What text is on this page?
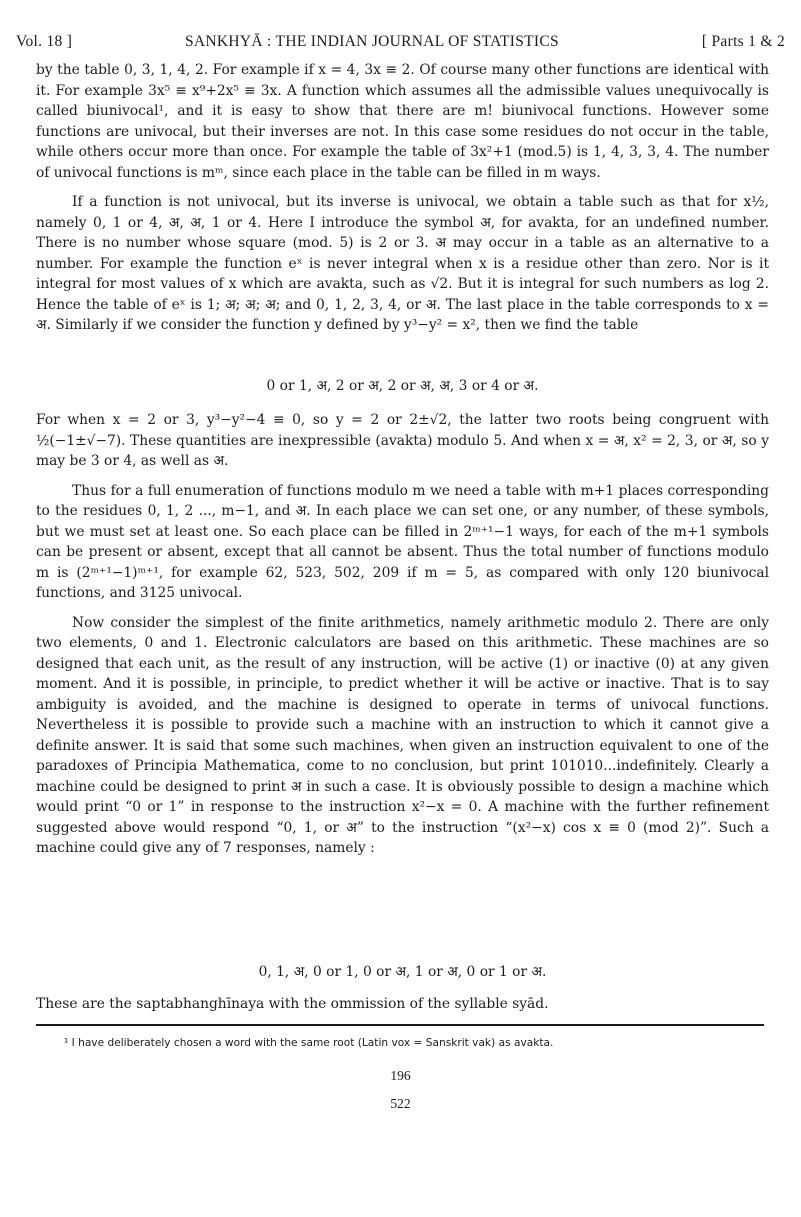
Vol. 18 ]	SANKHYĀ : THE INDIAN JOURNAL OF STATISTICS	[ Parts 1 & 2

by the table 0, 3, 1, 4, 2. For example if x = 4, 3x ≡ 2. Of course many other functions are identical with it. For example 3x⁵ ≡ x⁹+2x⁵ ≡ 3x. A function which assumes all the admissible values unequivocally is called biunivocal¹, and it is easy to show that there are m! biunivocal functions. However some functions are univocal, but their inverses are not. In this case some residues do not occur in the table, while others occur more than once. For example the table of 3x²+1 (mod.5) is 1, 4, 3, 3, 4. The number of univocal functions is mᵐ, since each place in the table can be filled in m ways.

If a function is not univocal, but its inverse is univocal, we obtain a table such as that for x½, namely 0, 1 or 4, अ, अ, 1 or 4. Here I introduce the symbol अ, for avakta, for an undefined number. There is no number whose square (mod. 5) is 2 or 3. अ may occur in a table as an alternative to a number. For example the function eˣ is never integral when x is a residue other than zero. Nor is it integral for most values of x which are avakta, such as √2. But it is integral for such numbers as log 2. Hence the table of eˣ is 1; अ; अ; अ; and 0, 1, 2, 3, 4, or अ. The last place in the table corresponds to x = अ. Similarly if we consider the function y defined by y³−y² = x², then we find the table

0 or 1, अ, 2 or अ, 2 or अ, अ, 3 or 4 or अ.

For when x = 2 or 3, y³−y²−4 ≡ 0, so y = 2 or 2±√2, the latter two roots being congruent with ½(−1±√−7). These quantities are inexpressible (avakta) modulo 5. And when x = अ, x² = 2, 3, or अ, so y may be 3 or 4, as well as अ.

Thus for a full enumeration of functions modulo m we need a table with m+1 places corresponding to the residues 0, 1, 2 ..., m−1, and अ. In each place we can set one, or any number, of these symbols, but we must set at least one. So each place can be filled in 2ᵐ⁺¹−1 ways, for each of the m+1 symbols can be present or absent, except that all cannot be absent. Thus the total number of functions modulo m is (2ᵐ⁺¹−1)ᵐ⁺¹, for example 62, 523, 502, 209 if m = 5, as compared with only 120 biunivocal functions, and 3125 univocal.

Now consider the simplest of the finite arithmetics, namely arithmetic modulo 2. There are only two elements, 0 and 1. Electronic calculators are based on this arithmetic. These machines are so designed that each unit, as the result of any instruction, will be active (1) or inactive (0) at any given moment. And it is possible, in principle, to predict whether it will be active or inactive. That is to say ambiguity is avoided, and the machine is designed to operate in terms of univocal functions. Nevertheless it is possible to provide such a machine with an instruction to which it cannot give a definite answer. It is said that some such machines, when given an instruction equivalent to one of the paradoxes of Principia Mathematica, come to no conclusion, but print 101010...indefinitely. Clearly a machine could be designed to print अ in such a case. It is obviously possible to design a machine which would print “0 or 1” in response to the instruction x²−x = 0. A machine with the further refinement suggested above would respond “0, 1, or अ” to the instruction “(x²−x) cos x ≡ 0 (mod 2)”. Such a machine could give any of 7 responses, namely :

0, 1, अ, 0 or 1, 0 or अ, 1 or अ, 0 or 1 or अ.

These are the saptabhanghīnaya with the ommission of the syllable syād.

¹ I have deliberately chosen a word with the same root (Latin vox = Sanskrit vak) as avakta.
196
522
